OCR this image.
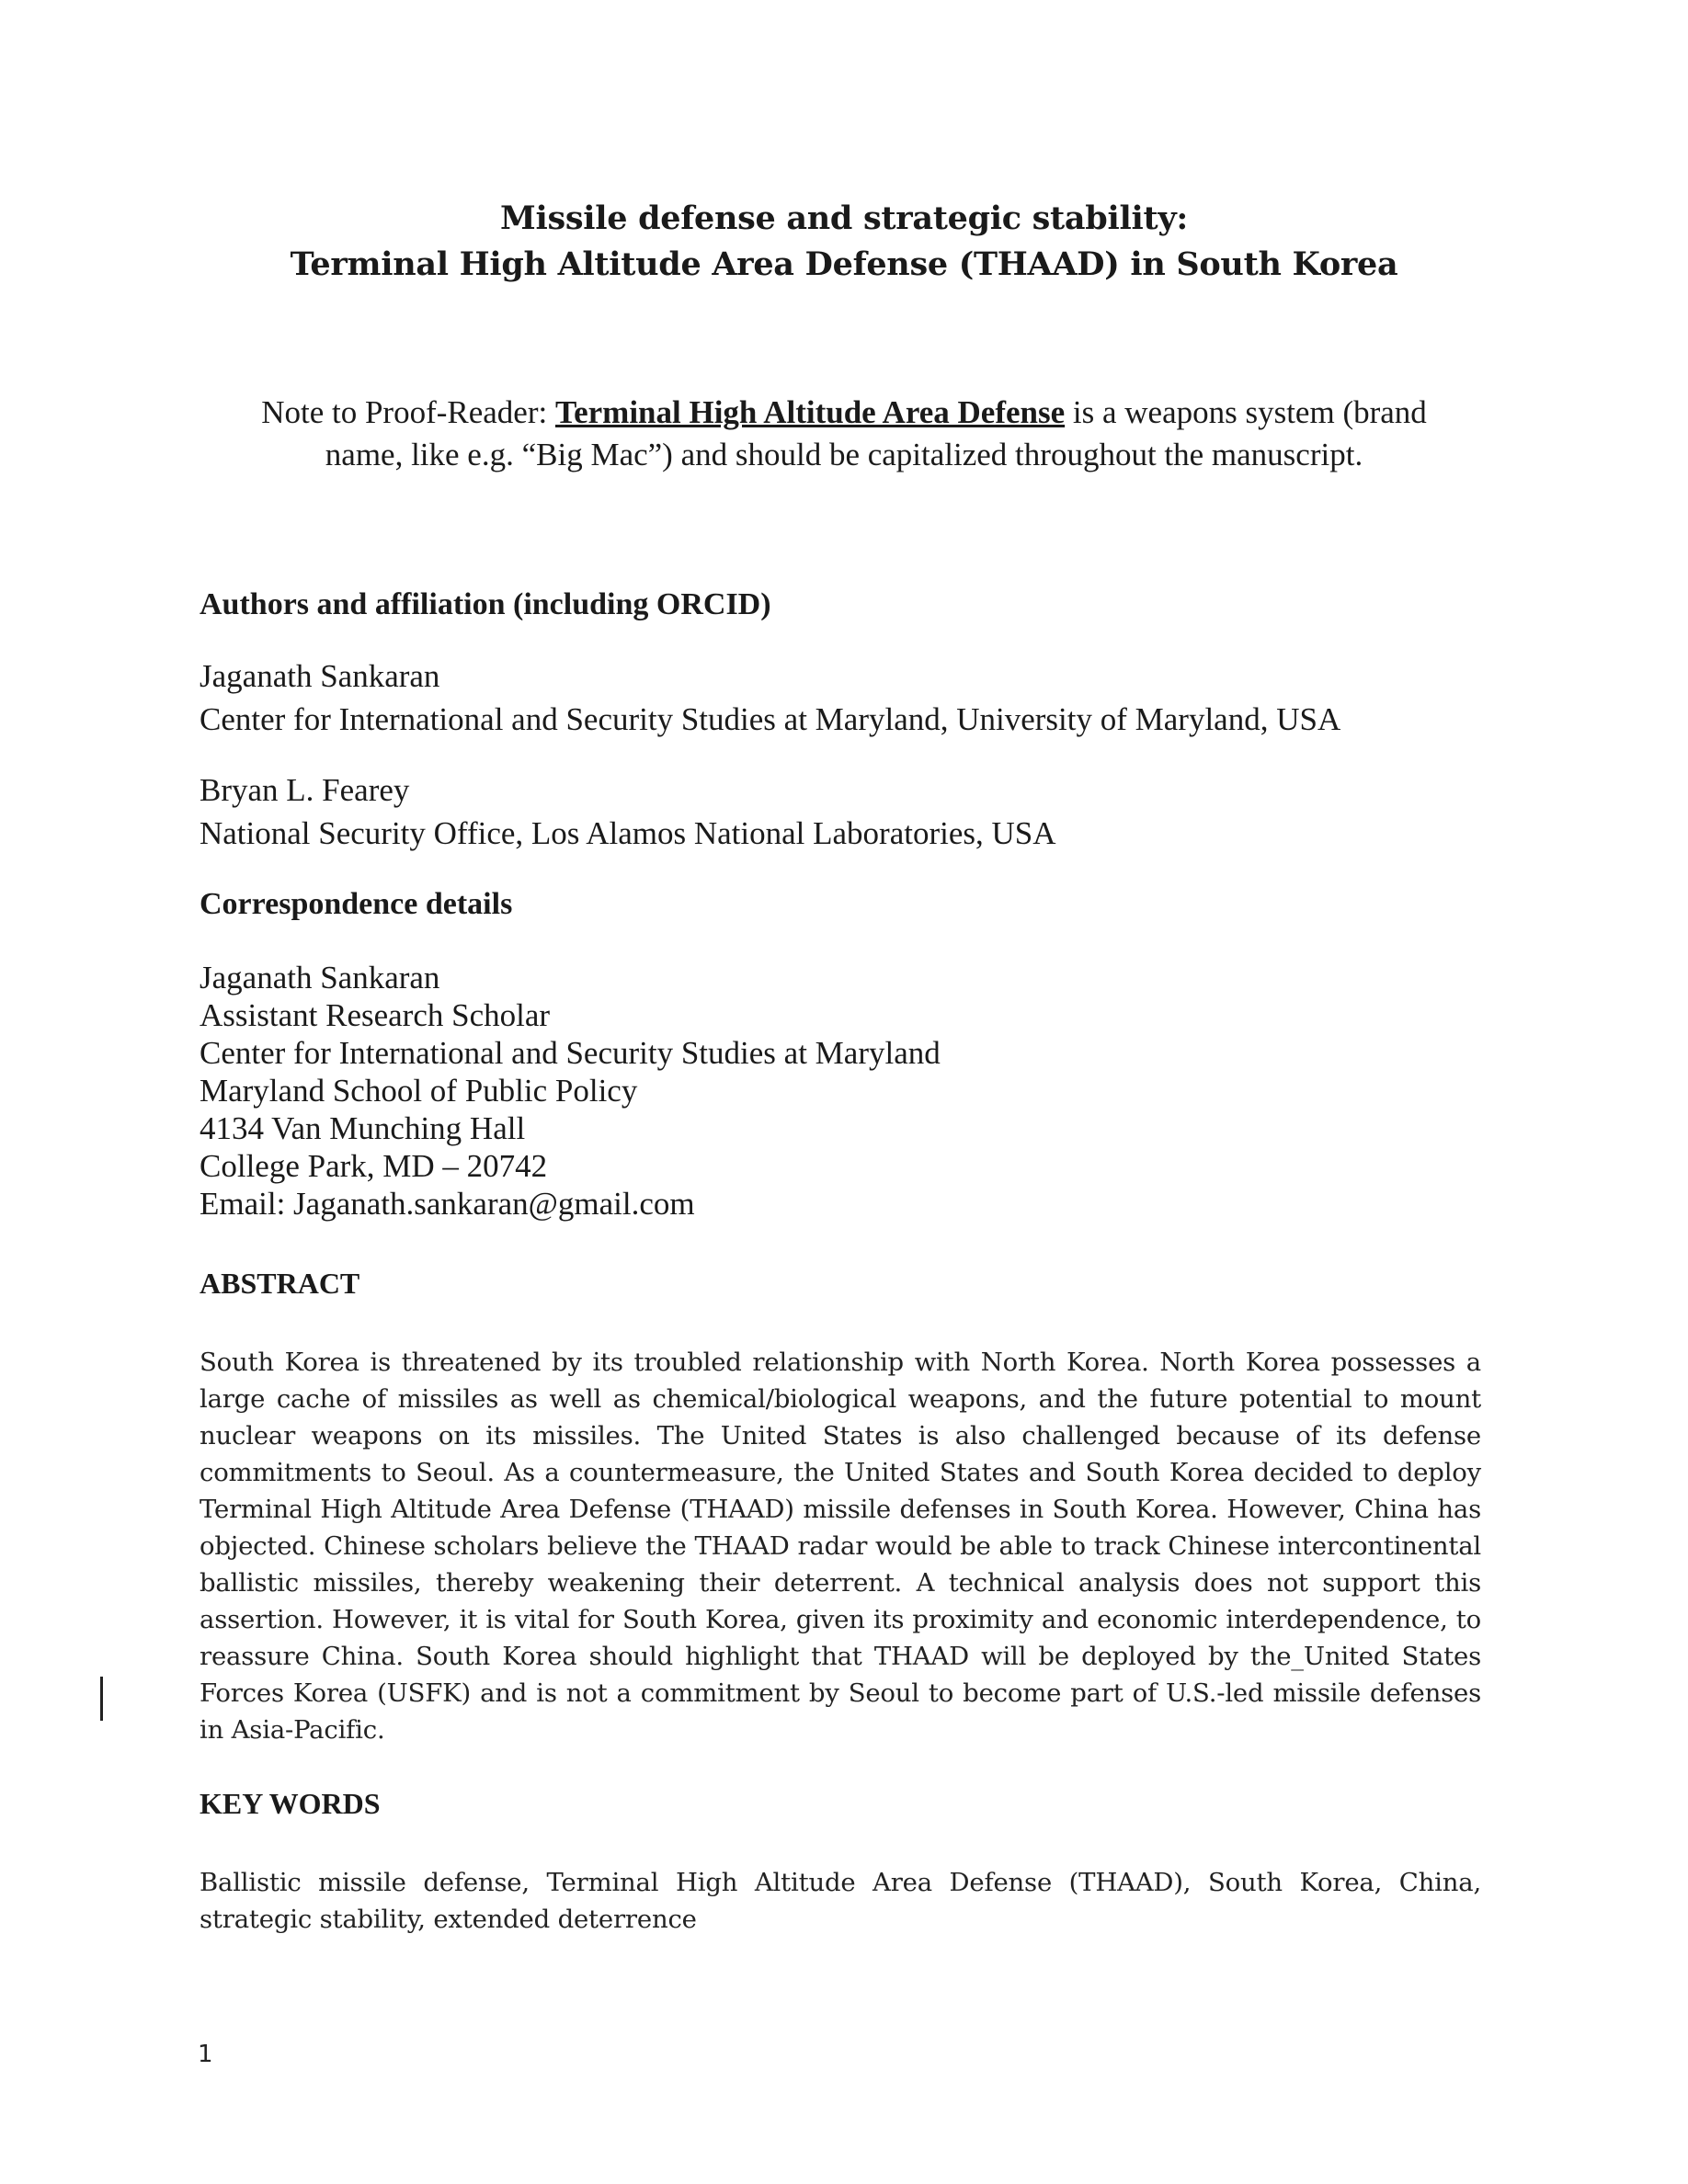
Missile defense and strategic stability:
Terminal High Altitude Area Defense (THAAD) in South Korea
Note to Proof-Reader: Terminal High Altitude Area Defense is a weapons system (brand
name, like e.g. “Big Mac”) and should be capitalized throughout the manuscript.
Authors and affiliation (including ORCID)
Jaganath Sankaran
Center for International and Security Studies at Maryland, University of Maryland, USA
Bryan L. Fearey
National Security Office, Los Alamos National Laboratories, USA
Correspondence details
Jaganath Sankaran
Assistant Research Scholar
Center for International and Security Studies at Maryland
Maryland School of Public Policy
4134 Van Munching Hall
College Park, MD – 20742
Email: Jaganath.sankaran@gmail.com
ABSTRACT
South Korea is threatened by its troubled relationship with North Korea. North Korea possesses a large cache of missiles as well as chemical/biological weapons, and the future potential to mount nuclear weapons on its missiles. The United States is also challenged because of its defense commitments to Seoul. As a countermeasure, the United States and South Korea decided to deploy Terminal High Altitude Area Defense (THAAD) missile defenses in South Korea. However, China has objected. Chinese scholars believe the THAAD radar would be able to track Chinese intercontinental ballistic missiles, thereby weakening their deterrent. A technical analysis does not support this assertion. However, it is vital for South Korea, given its proximity and economic interdependence, to reassure China. South Korea should highlight that THAAD will be deployed by the_United States Forces Korea (USFK) and is not a commitment by Seoul to become part of U.S.-led missile defenses in Asia-Pacific.
KEY WORDS
Ballistic missile defense, Terminal High Altitude Area Defense (THAAD), South Korea, China, strategic stability, extended deterrence
1
